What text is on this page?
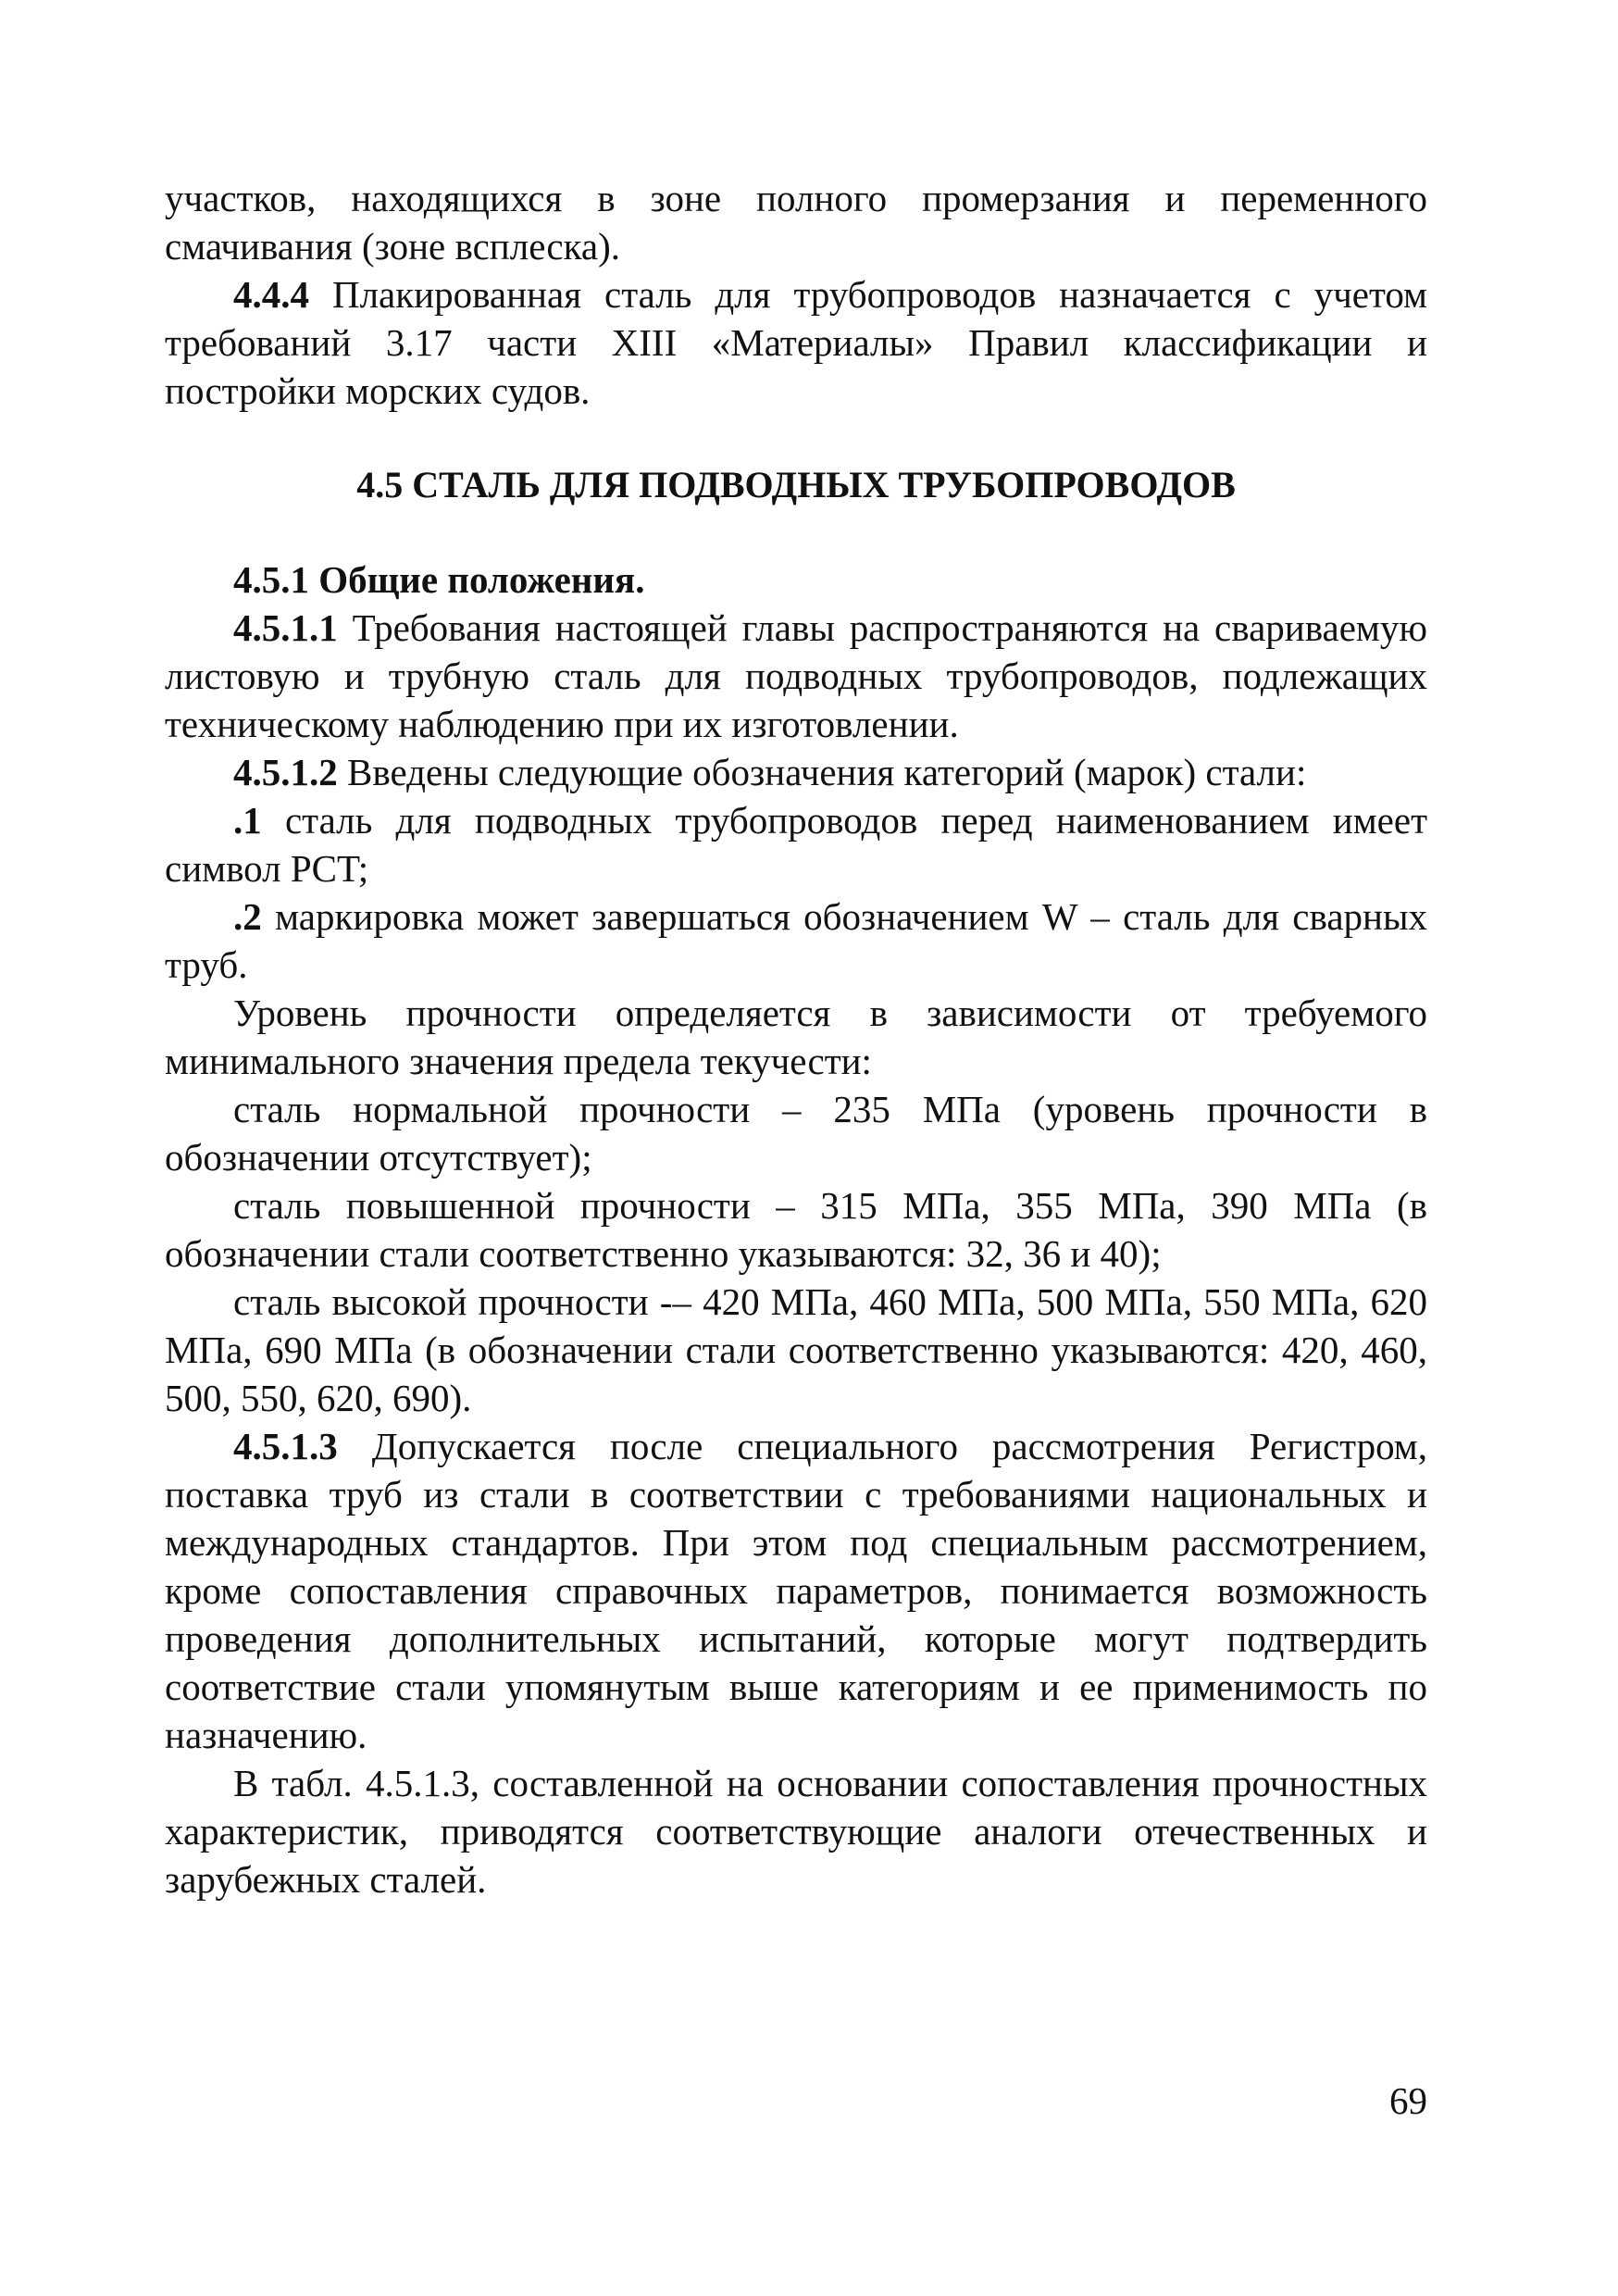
участков, находящихся в зоне полного промерзания и переменного смачивания (зоне всплеска).

4.4.4 Плакированная сталь для трубопроводов назначается с учетом требований 3.17 части XIII «Материалы» Правил классификации и постройки морских судов.

4.5 СТАЛЬ ДЛЯ ПОДВОДНЫХ ТРУБОПРОВОДОВ

4.5.1 Общие положения.

4.5.1.1 Требования настоящей главы распространяются на свариваемую листовую и трубную сталь для подводных трубопроводов, подлежащих техническому наблюдению при их изготовлении.

4.5.1.2 Введены следующие обозначения категорий (марок) стали:

.1 сталь для подводных трубопроводов перед наименованием имеет символ PCT;

.2 маркировка может завершаться обозначением W – сталь для сварных труб.

Уровень прочности определяется в зависимости от требуемого минимального значения предела текучести:

сталь нормальной прочности – 235 МПа (уровень прочности в обозначении отсутствует);

сталь повышенной прочности – 315 МПа, 355 МПа, 390 МПа (в обозначении стали соответственно указываются: 32, 36 и 40);

сталь высокой прочности -– 420 МПа, 460 МПа, 500 МПа, 550 МПа, 620 МПа, 690 МПа (в обозначении стали соответственно указываются: 420, 460, 500, 550, 620, 690).

4.5.1.3 Допускается после специального рассмотрения Регистром, поставка труб из стали в соответствии с требованиями национальных и международных стандартов. При этом под специальным рассмотрением, кроме сопоставления справочных параметров, понимается возможность проведения дополнительных испытаний, которые могут подтвердить соответствие стали упомянутым выше категориям и ее применимость по назначению.

В табл. 4.5.1.3, составленной на основании сопоставления прочностных характеристик, приводятся соответствующие аналоги отечественных и зарубежных сталей.

69
